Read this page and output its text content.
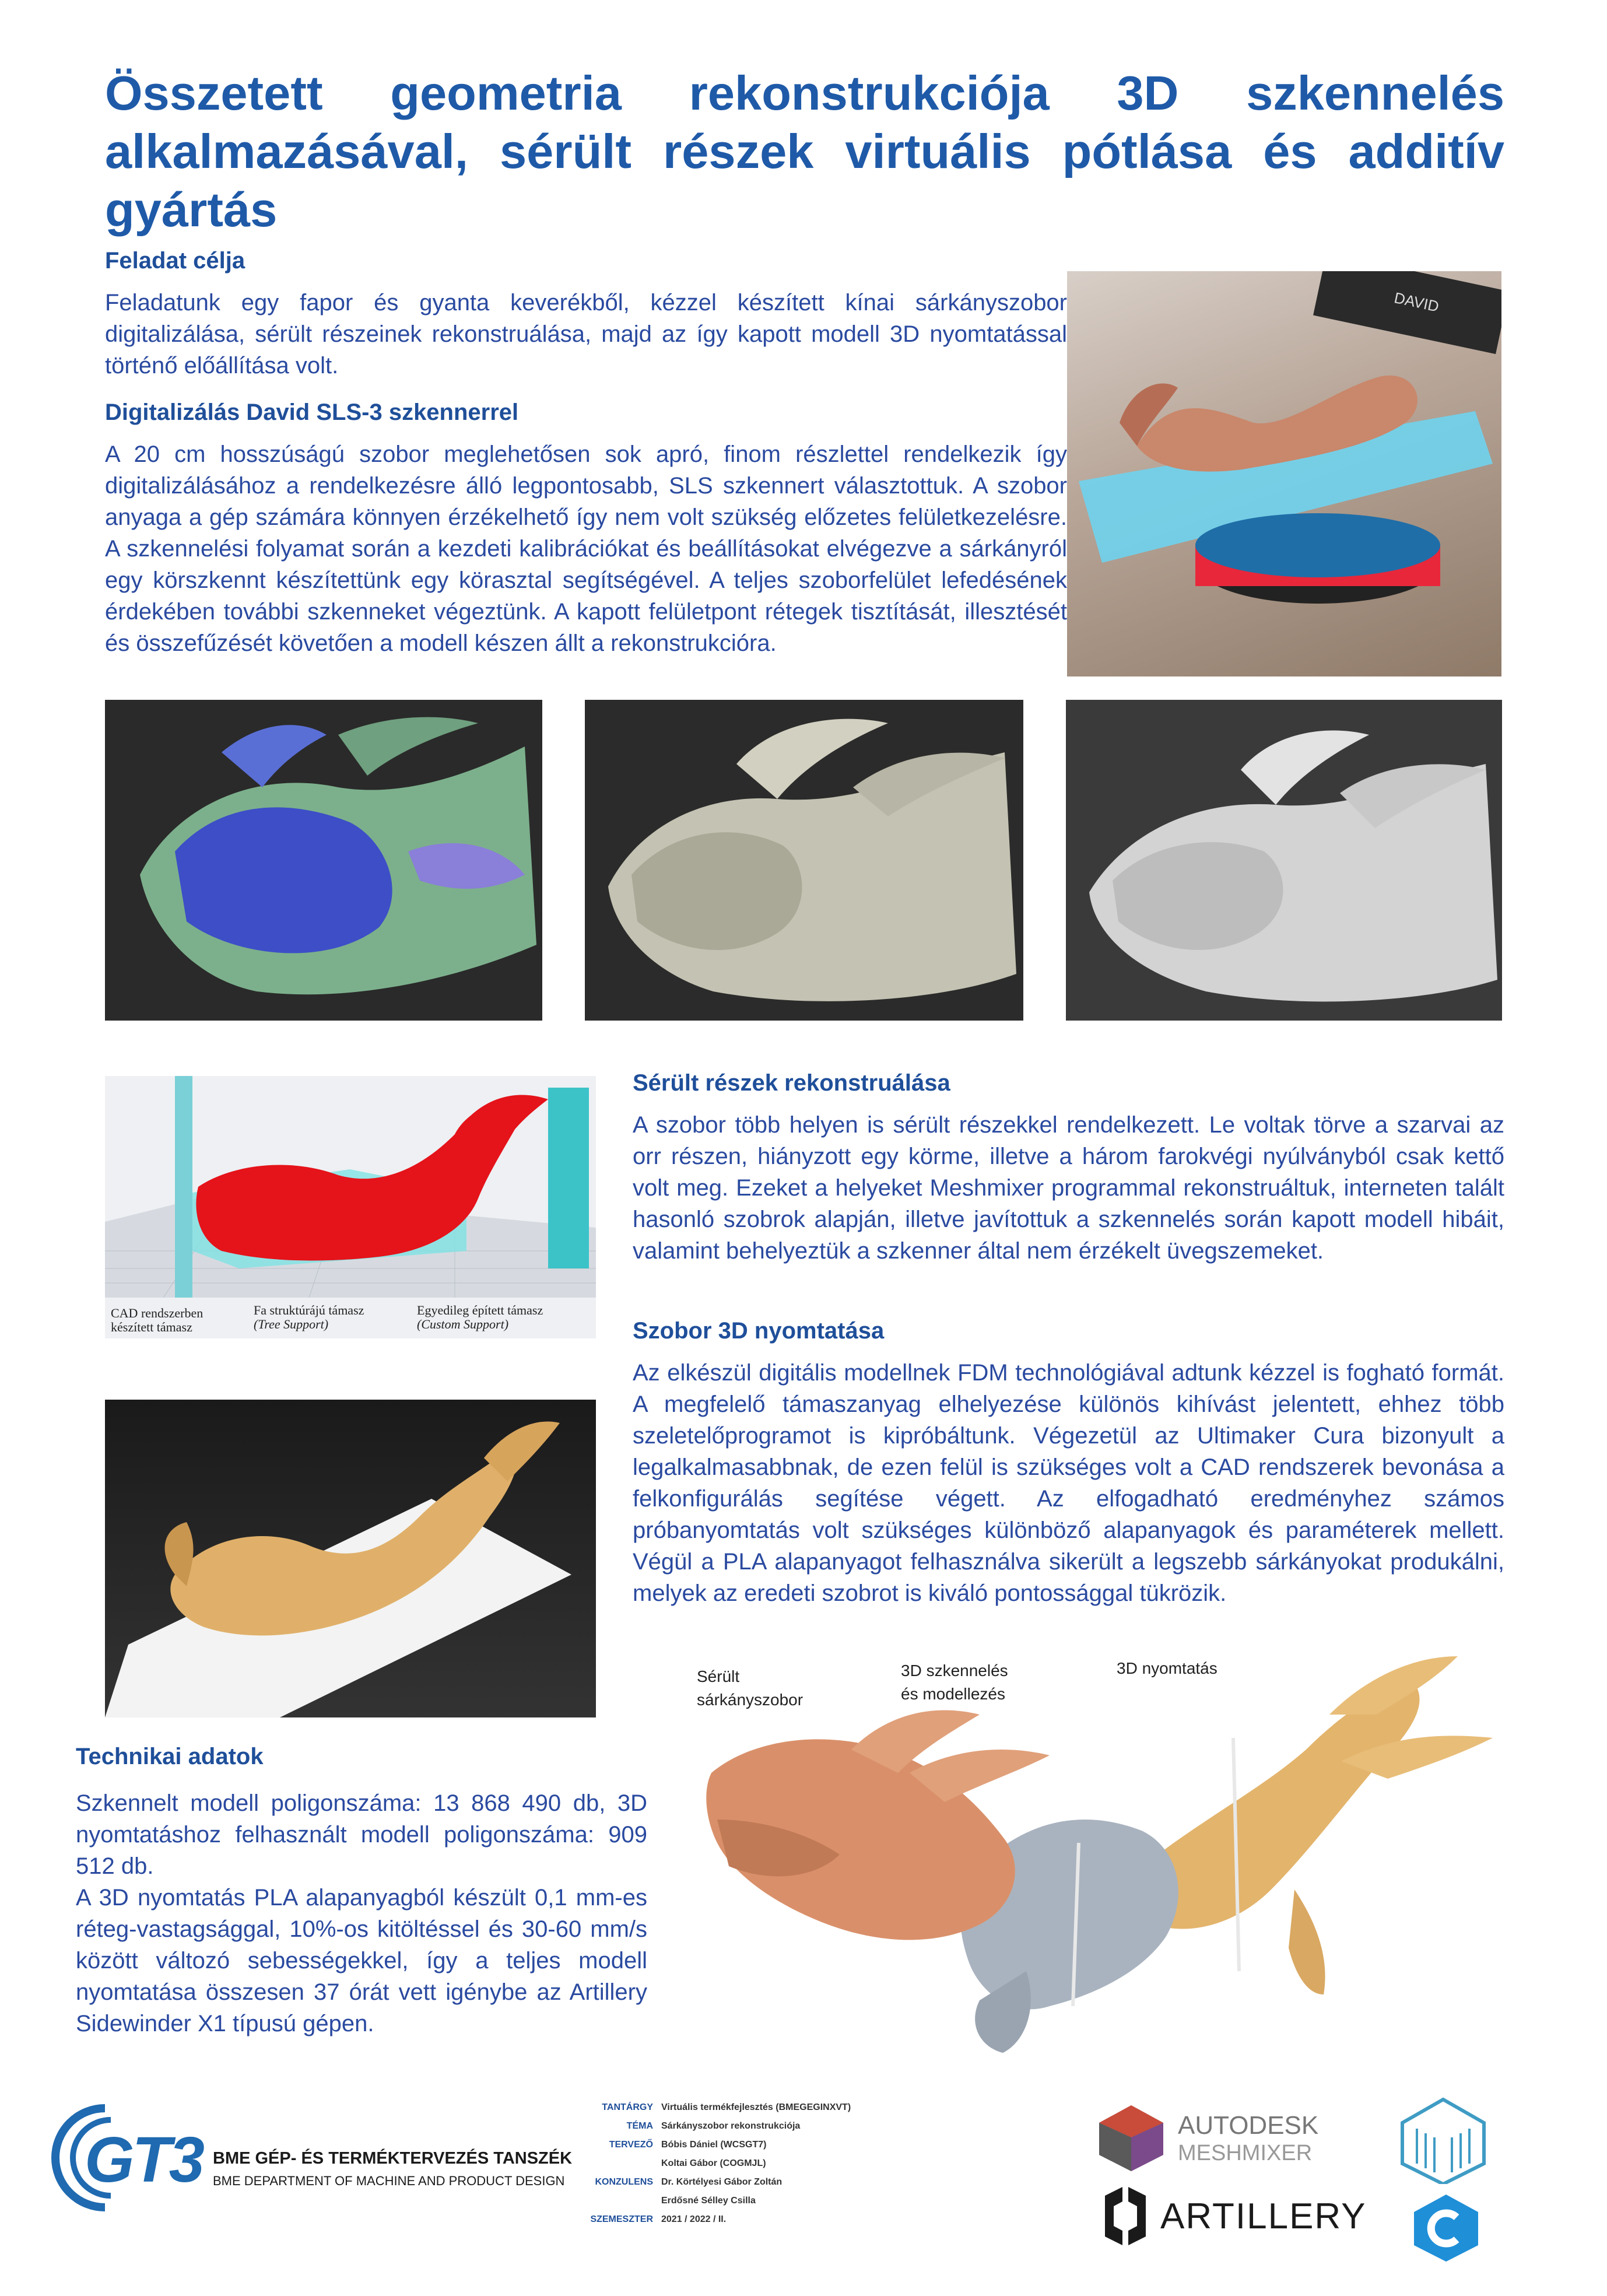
Összetett geometria rekonstrukciója 3D szkennelés alkalmazásával, sérült részek virtuális pótlása és additív gyártás

Feladat célja

Feladatunk egy fapor és gyanta keverékből, kézzel készített kínai sárkányszobor digitalizálása, sérült részeinek rekonstruálása, majd az így kapott modell 3D nyomtatással történő előállítása volt.

Digitalizálás David SLS-3 szkennerrel

A 20 cm hosszúságú szobor meglehetősen sok apró, finom részlettel rendelkezik így digitalizálásához a rendelkezésre álló legpontosabb, SLS szkennert választottuk. A szobor anyaga a gép számára könnyen érzékelhető így nem volt szükség előzetes felületkezelésre. A szkennelési folyamat során a kezdeti kalibrációkat és beállításokat elvégezve a sárkányról egy körszkennt készítettünk egy körasztal segítségével. A teljes szoborfelület lefedésének érdekében további szkenneket végeztünk. A kapott felületpont rétegek tisztítását, illesztését és összefűzését követően a modell készen állt a rekonstrukcióra.

DAVID
CAD rendszerben
készített támasz
Fa struktúrájú támasz
(Tree Support)
Egyedileg épített támasz
(Custom Support)

Sérült részek rekonstruálása

A szobor több helyen is sérült részekkel rendelkezett. Le voltak törve a szarvai az orr részen, hiányzott egy körme, illetve a három farokvégi nyúlványból csak kettő volt meg. Ezeket a helyeket Meshmixer programmal rekonstruáltuk, interneten talált hasonló szobrok alapján, illetve javítottuk a szkennelés során kapott modell hibáit, valamint behelyeztük a szkenner által nem érzékelt üvegszemeket.

Szobor 3D nyomtatása

Az elkészül digitális modellnek FDM technológiával adtunk kézzel is fogható formát. A megfelelő támaszanyag elhelyezése különös kihívást jelentett, ehhez több szeletelőprogramot is kipróbáltunk. Végezetül az Ultimaker Cura bizonyult a legalkalmasabbnak, de ezen felül is szükséges volt a CAD rendszerek bevonása a felkonfigurálás segítése végett. Az elfogadható eredményhez számos próbanyomtatás volt szükséges különböző alapanyagok és paraméterek mellett. Végül a PLA alapanyagot felhasználva sikerült a legszebb sárkányokat produkálni, melyek az eredeti szobrot is kiváló pontossággal tükrözik.

Sérült
sárkányszobor
3D szkennelés
és modellezés
3D nyomtatás

Technikai adatok

Szkennelt modell poligonszáma: 13 868 490 db, 3D nyomtatáshoz felhasznált modell poligonszáma: 909 512 db.

A 3D nyomtatás PLA alapanyagból készült 0,1 mm-es réteg-vastagsággal, 10%-os kitöltéssel és 30-60 mm/s között változó sebességekkel, így a teljes modell nyomtatása összesen 37 órát vett igénybe az Artillery Sidewinder X1 típusú gépen.

GT3 BME GÉP- ÉS TERMÉKTERVEZÉS TANSZÉK
BME DEPARTMENT OF MACHINE AND PRODUCT DESIGN
TANTÁRGY Virtuális termékfejlesztés (BMEGEGINXVT)
TÉMA Sárkányszobor rekonstrukciója
TERVEZŐ Bóbis Dániel (WCSGT7)
Koltai Gábor (COGMJL)
KONZULENS Dr. Körtélyesi Gábor Zoltán
Erdősné Sélley Csilla
SZEMESZTER 2021 / 2022 / II.
AUTODESK
MESHMIXER
ARTILLERY
